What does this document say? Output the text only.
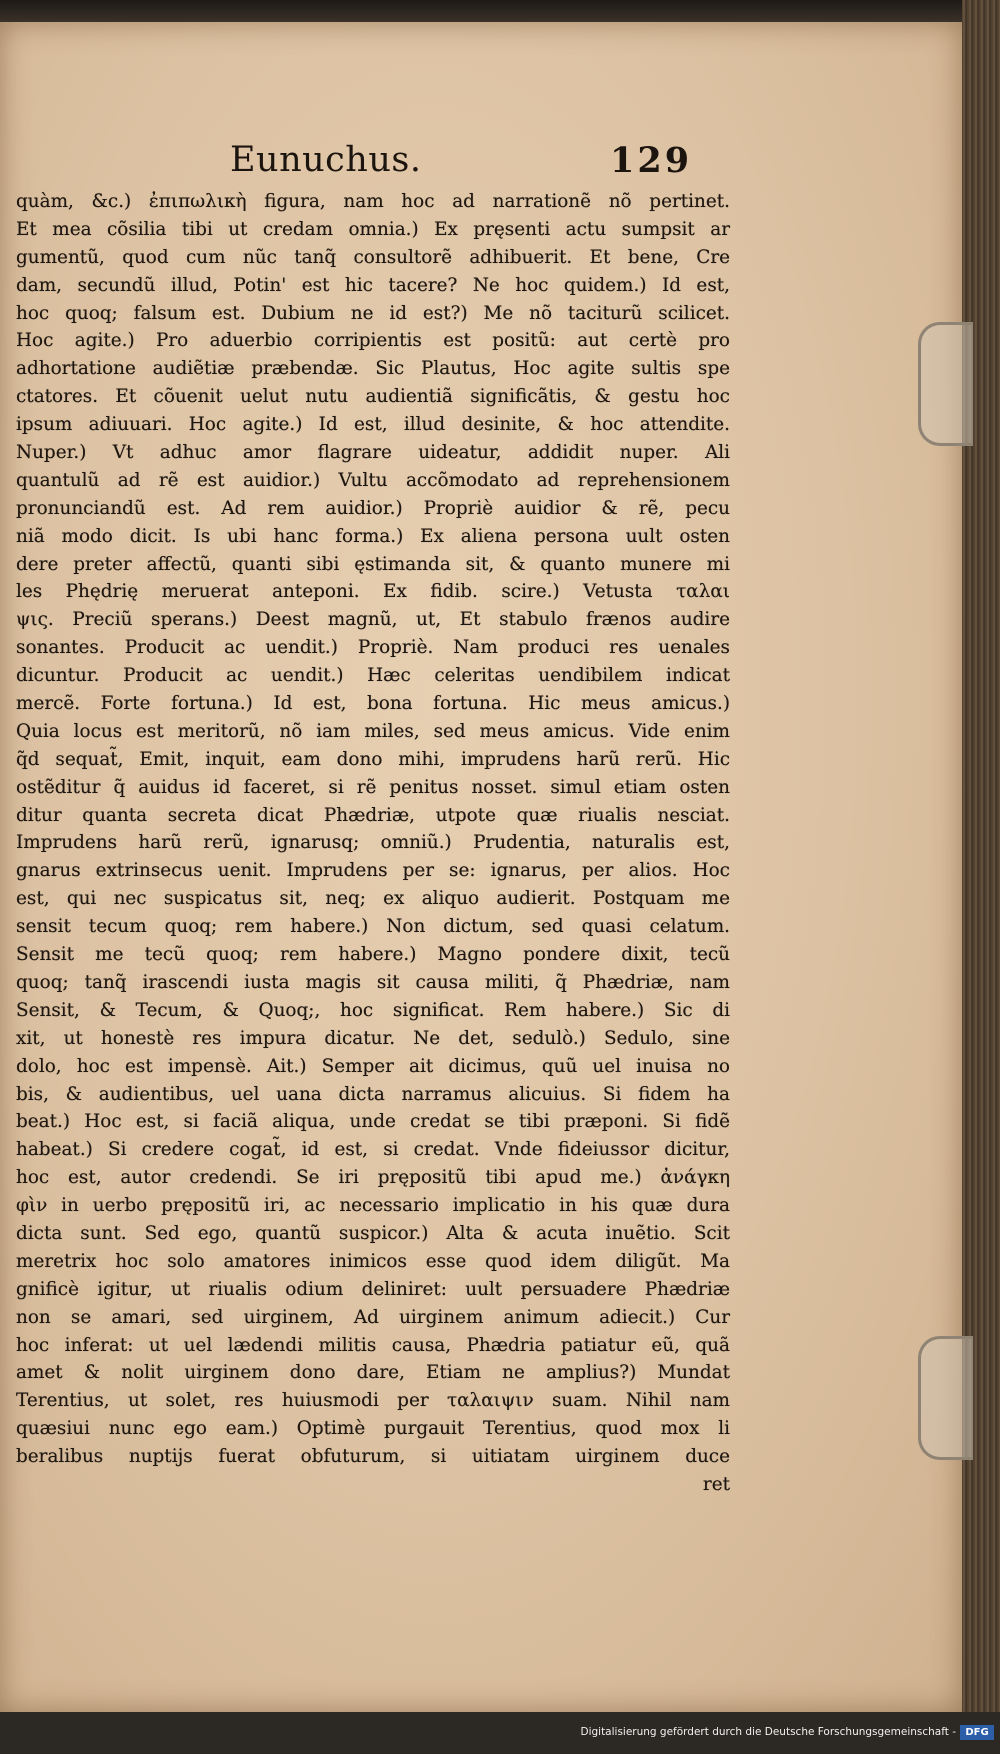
Eunuchus.	129
quàm, &c.) ἐπιπωλικὴ figura, nam hoc ad narrationẽ nõ pertinet.
Et mea cõsilia tibi ut credam omnia.) Ex pręsenti actu sumpsit ar
gumentũ, quod cum nũc tanq̃ consultorẽ adhibuerit. Et bene, Cre
dam, secundũ illud, Potin' est hic tacere? Ne hoc quidem.) Id est,
hoc quoq; falsum est. Dubium ne id est?) Me nõ taciturũ scilicet.
Hoc agite.) Pro aduerbio corripientis est positũ: aut certè pro
adhortatione audiẽtiæ præbendæ. Sic Plautus, Hoc agite sultis spe
ctatores. Et cõuenit uelut nutu audientiã significãtis, & gestu hoc
ipsum adiuuari. Hoc agite.) Id est, illud desinite, & hoc attendite.
Nuper.) Vt adhuc amor flagrare uideatur, addidit nuper. Ali
quantulũ ad rẽ est auidior.) Vultu accõmodato ad reprehensionem
pronunciandũ est. Ad rem auidior.) Propriè auidior & rẽ, pecu
niã modo dicit. Is ubi hanc forma.) Ex aliena persona uult osten
dere preter affectũ, quanti sibi ęstimanda sit, & quanto munere mi
les Phędrię meruerat anteponi. Ex fidib. scire.) Vetusta ταλαι
ψις. Preciũ sperans.) Deest magnũ, ut, Et stabulo frænos audire
sonantes. Producit ac uendit.) Propriè. Nam produci res uenales
dicuntur. Producit ac uendit.) Hæc celeritas uendibilem indicat
mercẽ. Forte fortuna.) Id est, bona fortuna. Hic meus amicus.)
Quia locus est meritorũ, nõ iam miles, sed meus amicus. Vide enim
q̃d sequat̃, Emit, inquit, eam dono mihi, imprudens harũ rerũ. Hic
ostẽditur q̃ auidus id faceret, si rẽ penitus nosset. simul etiam osten
ditur quanta secreta dicat Phædriæ, utpote quæ riualis nesciat.
Imprudens harũ rerũ, ignarusq; omniũ.) Prudentia, naturalis est,
gnarus extrinsecus uenit. Imprudens per se: ignarus, per alios. Hoc
est, qui nec suspicatus sit, neq; ex aliquo audierit. Postquam me
sensit tecum quoq; rem habere.) Non dictum, sed quasi celatum.
Sensit me tecũ quoq; rem habere.) Magno pondere dixit, tecũ
quoq; tanq̃ irascendi iusta magis sit causa militi, q̃ Phædriæ, nam
Sensit, & Tecum, & Quoq;, hoc significat. Rem habere.) Sic di
xit, ut honestè res impura dicatur. Ne det, sedulò.) Sedulo, sine
dolo, hoc est impensè. Ait.) Semper ait dicimus, quũ uel inuisa no
bis, & audientibus, uel uana dicta narramus alicuius. Si fidem ha
beat.) Hoc est, si faciã aliqua, unde credat se tibi præponi. Si fidẽ
habeat.) Si credere cogat̃, id est, si credat. Vnde fideiussor dicitur,
hoc est, autor credendi. Se iri prępositũ tibi apud me.) ἀνάγκη
φὶν in uerbo prępositũ iri, ac necessario implicatio in his quæ dura
dicta sunt. Sed ego, quantũ suspicor.) Alta & acuta inuẽtio. Scit
meretrix hoc solo amatores inimicos esse quod idem diligũt. Ma
gnificè igitur, ut riualis odium deliniret: uult persuadere Phædriæ
non se amari, sed uirginem, Ad uirginem animum adiecit.) Cur
hoc inferat: ut uel lædendi militis causa, Phædria patiatur eũ, quã
amet & nolit uirginem dono dare, Etiam ne amplius?) Mundat
Terentius, ut solet, res huiusmodi per ταλαιψιν suam. Nihil nam
quæsiui nunc ego eam.) Optimè purgauit Terentius, quod mox li
beralibus nuptijs fuerat obfuturum, si uitiatam uirginem duce
ret
Digitalisierung gefördert durch die Deutsche Forschungsgemeinschaft - DFG
